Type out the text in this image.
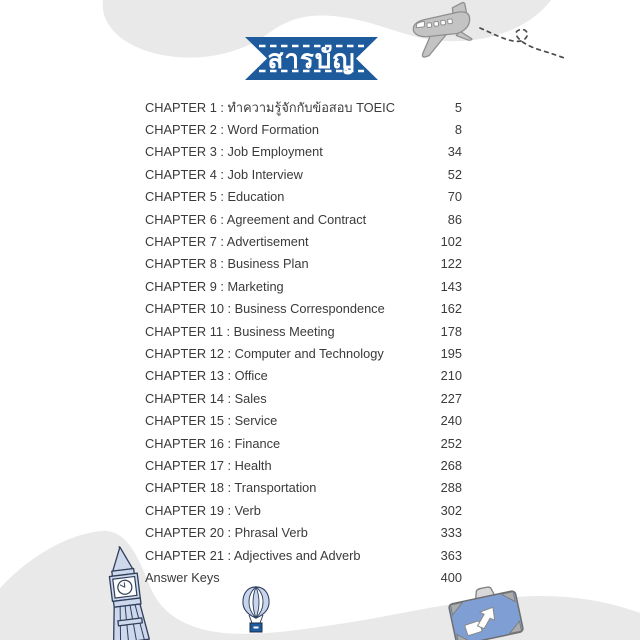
สารบัญ
CHAPTER 1 : ทำความรู้จักกับข้อสอบ TOEIC	5
CHAPTER 2 : Word Formation	8
CHAPTER 3 : Job Employment	34
CHAPTER 4 : Job Interview	52
CHAPTER 5 : Education	70
CHAPTER 6 : Agreement and Contract	86
CHAPTER 7 : Advertisement	102
CHAPTER 8 : Business Plan	122
CHAPTER 9 : Marketing	143
CHAPTER 10 : Business Correspondence	162
CHAPTER 11 : Business Meeting	178
CHAPTER 12 : Computer and Technology	195
CHAPTER 13 : Office	210
CHAPTER 14 : Sales	227
CHAPTER 15 : Service	240
CHAPTER 16 : Finance	252
CHAPTER 17 : Health	268
CHAPTER 18 : Transportation	288
CHAPTER 19 : Verb	302
CHAPTER 20 : Phrasal Verb	333
CHAPTER 21 : Adjectives and Adverb	363
Answer Keys	400
